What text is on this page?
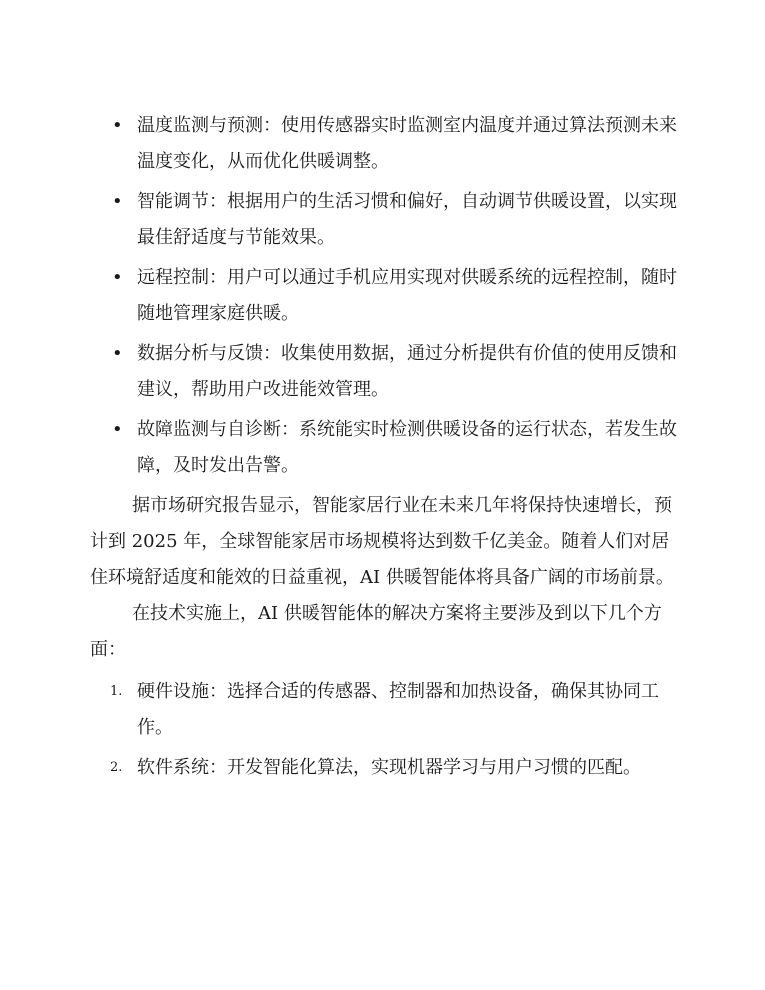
• 温度监测与预测：使用传感器实时监测室内温度并通过算法预测未来温度变化，从而优化供暖调整。
• 智能调节：根据用户的生活习惯和偏好，自动调节供暖设置，以实现最佳舒适度与节能效果。
• 远程控制：用户可以通过手机应用实现对供暖系统的远程控制，随时随地管理家庭供暖。
• 数据分析与反馈：收集使用数据，通过分析提供有价值的使用反馈和建议，帮助用户改进能效管理。
• 故障监测与自诊断：系统能实时检测供暖设备的运行状态，若发生故障，及时发出告警。

据市场研究报告显示，智能家居行业在未来几年将保持快速增长，预计到 2025 年，全球智能家居市场规模将达到数千亿美金。随着人们对居住环境舒适度和能效的日益重视，AI 供暖智能体将具备广阔的市场前景。

在技术实施上，AI 供暖智能体的解决方案将主要涉及到以下几个方面：

1. 硬件设施：选择合适的传感器、控制器和加热设备，确保其协同工作。
2. 软件系统：开发智能化算法，实现机器学习与用户习惯的匹配。
